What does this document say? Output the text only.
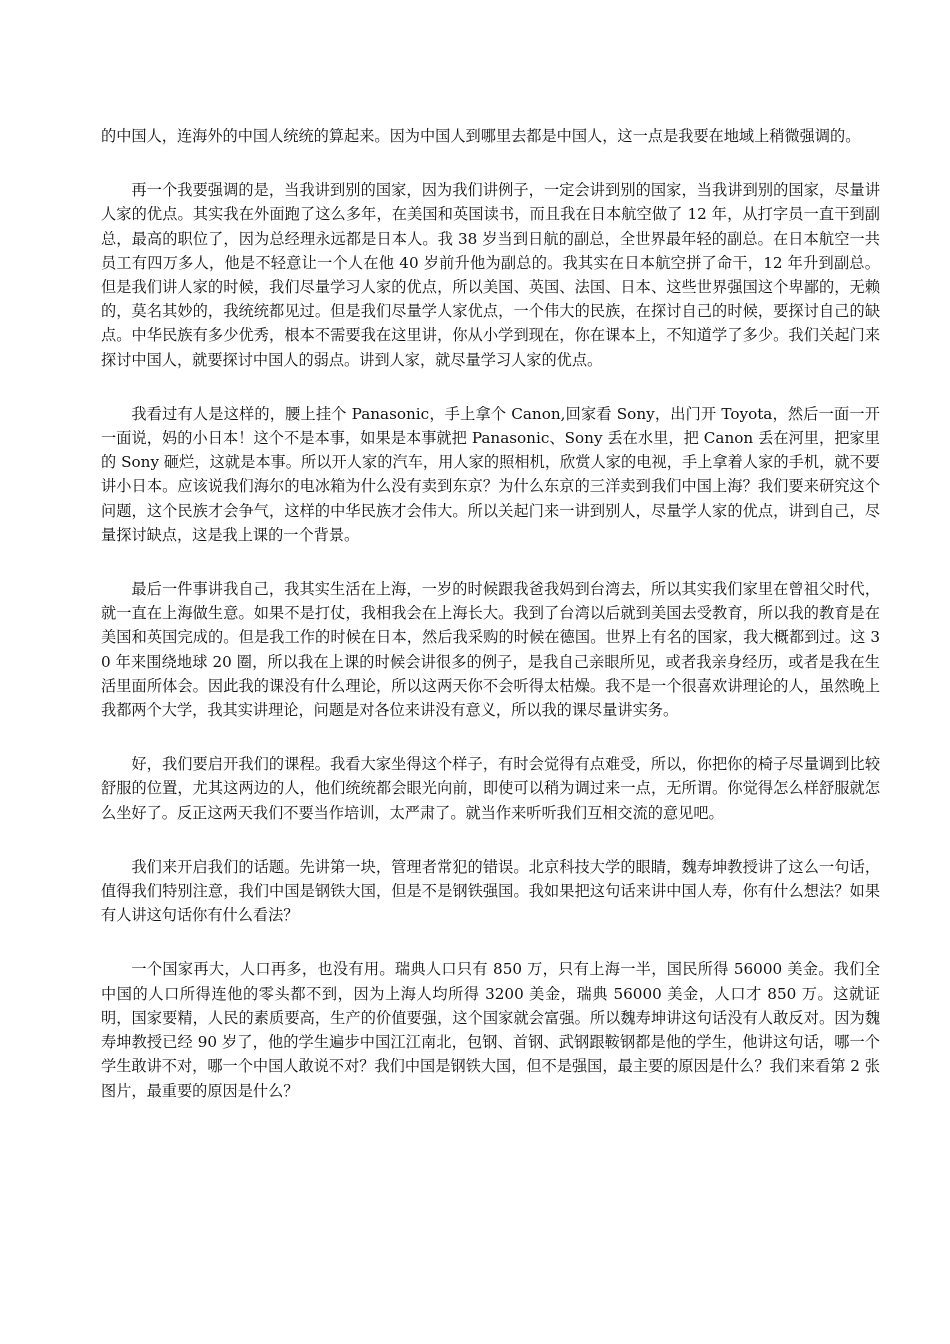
的中国人，连海外的中国人统统的算起来。因为中国人到哪里去都是中国人，这一点是我要在地域上稍微强调的。

再一个我要强调的是，当我讲到别的国家，因为我们讲例子，一定会讲到别的国家，当我讲到别的国家，尽量讲人家的优点。其实我在外面跑了这么多年，在美国和英国读书，而且我在日本航空做了 12 年，从打字员一直干到副总，最高的职位了，因为总经理永远都是日本人。我 38 岁当到日航的副总，全世界最年轻的副总。在日本航空一共员工有四万多人，他是不轻意让一个人在他 40 岁前升他为副总的。我其实在日本航空拼了命干，12 年升到副总。但是我们讲人家的时候，我们尽量学习人家的优点，所以美国、英国、法国、日本、这些世界强国这个卑鄙的，无赖的，莫名其妙的，我统统都见过。但是我们尽量学人家优点，一个伟大的民族，在探讨自己的时候，要探讨自己的缺点。中华民族有多少优秀，根本不需要我在这里讲，你从小学到现在，你在课本上，不知道学了多少。我们关起门来探讨中国人，就要探讨中国人的弱点。讲到人家，就尽量学习人家的优点。

我看过有人是这样的，腰上挂个 Panasonic，手上拿个 Canon,回家看 Sony，出门开 Toyota，然后一面一开一面说，妈的小日本！这个不是本事，如果是本事就把 Panasonic、Sony 丢在水里，把 Canon 丢在河里，把家里的 Sony 砸烂，这就是本事。所以开人家的汽车，用人家的照相机，欣赏人家的电视，手上拿着人家的手机，就不要讲小日本。应该说我们海尔的电冰箱为什么没有卖到东京？为什么东京的三洋卖到我们中国上海？我们要来研究这个问题，这个民族才会争气，这样的中华民族才会伟大。所以关起门来一讲到别人，尽量学人家的优点，讲到自己，尽量探讨缺点，这是我上课的一个背景。

最后一件事讲我自己，我其实生活在上海，一岁的时候跟我爸我妈到台湾去，所以其实我们家里在曾祖父时代，就一直在上海做生意。如果不是打仗，我相我会在上海长大。我到了台湾以后就到美国去受教育，所以我的教育是在美国和英国完成的。但是我工作的时候在日本，然后我采购的时候在德国。世界上有名的国家，我大概都到过。这 30 年来围绕地球 20 圈，所以我在上课的时候会讲很多的例子，是我自己亲眼所见，或者我亲身经历，或者是我在生活里面所体会。因此我的课没有什么理论，所以这两天你不会听得太枯燥。我不是一个很喜欢讲理论的人，虽然晚上我都两个大学，我其实讲理论，问题是对各位来讲没有意义，所以我的课尽量讲实务。

好，我们要启开我们的课程。我看大家坐得这个样子，有时会觉得有点难受，所以，你把你的椅子尽量调到比较舒服的位置，尤其这两边的人，他们统统都会眼光向前，即使可以稍为调过来一点，无所谓。你觉得怎么样舒服就怎么坐好了。反正这两天我们不要当作培训，太严肃了。就当作来听听我们互相交流的意见吧。

我们来开启我们的话题。先讲第一块，管理者常犯的错误。北京科技大学的眼睛，魏寿坤教授讲了这么一句话，值得我们特别注意，我们中国是钢铁大国，但是不是钢铁强国。我如果把这句话来讲中国人寿，你有什么想法？如果有人讲这句话你有什么看法？

一个国家再大，人口再多，也没有用。瑞典人口只有 850 万，只有上海一半，国民所得 56000 美金。我们全中国的人口所得连他的零头都不到，因为上海人均所得 3200 美金，瑞典 56000 美金，人口才 850 万。这就证明，国家要精，人民的素质要高，生产的价值要强，这个国家就会富强。所以魏寿坤讲这句话没有人敢反对。因为魏寿坤教授已经 90 岁了，他的学生遍步中国江江南北，包钢、首钢、武钢跟鞍钢都是他的学生，他讲这句话，哪一个学生敢讲不对，哪一个中国人敢说不对？我们中国是钢铁大国，但不是强国，最主要的原因是什么？我们来看第 2 张图片，最重要的原因是什么？
